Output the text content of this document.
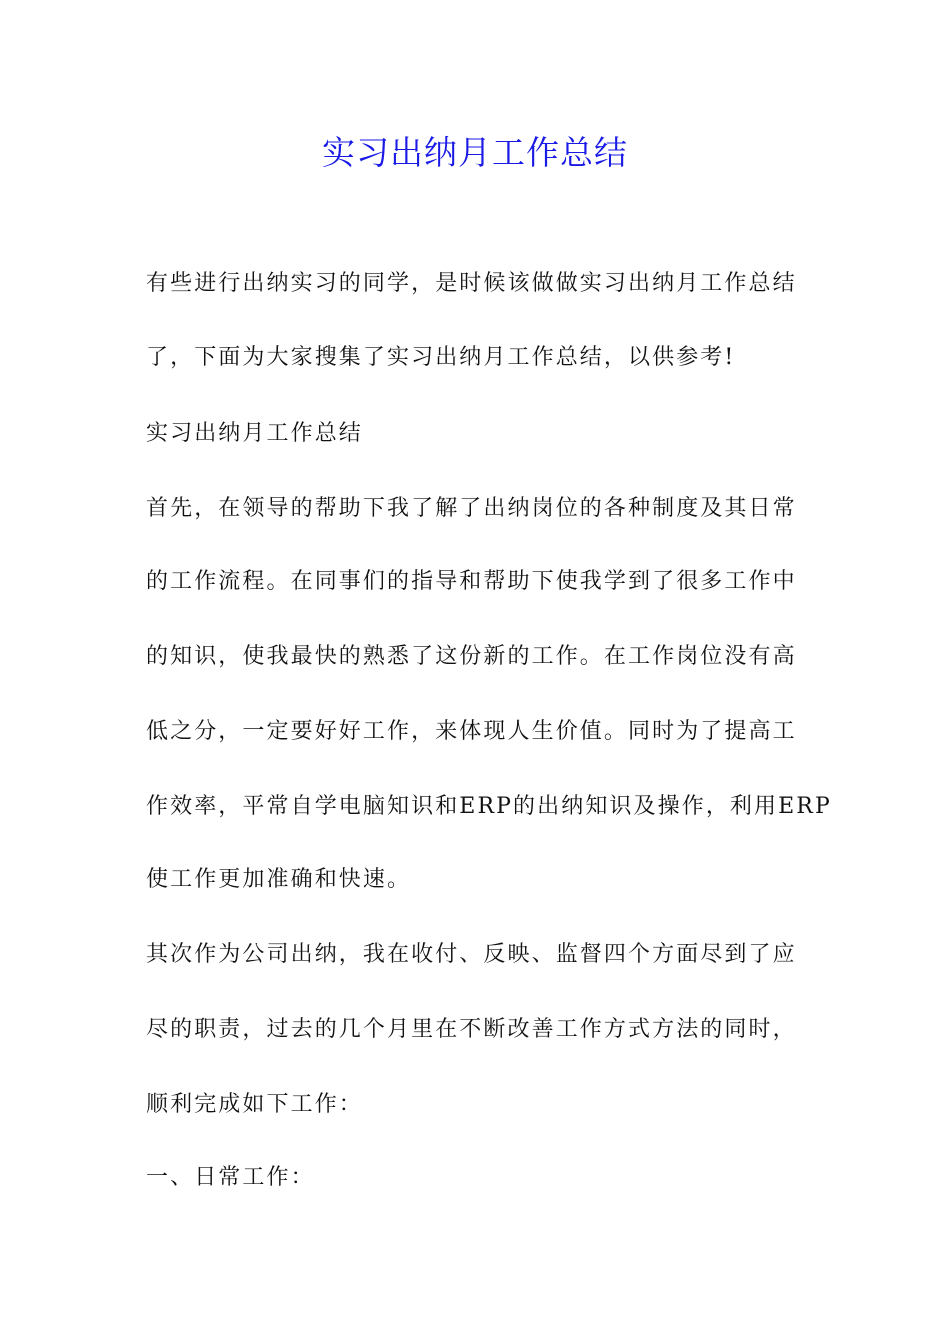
实习出纳月工作总结
有些进行出纳实习的同学，是时候该做做实习出纳月工作总结
了，下面为大家搜集了实习出纳月工作总结，以供参考!
实习出纳月工作总结
首先，在领导的帮助下我了解了出纳岗位的各种制度及其日常
的工作流程。在同事们的指导和帮助下使我学到了很多工作中
的知识，使我最快的熟悉了这份新的工作。在工作岗位没有高
低之分，一定要好好工作，来体现人生价值。同时为了提高工
作效率，平常自学电脑知识和ERP的出纳知识及操作，利用ERP
使工作更加准确和快速。
其次作为公司出纳，我在收付、反映、监督四个方面尽到了应
尽的职责，过去的几个月里在不断改善工作方式方法的同时，
顺利完成如下工作：
一、日常工作：
